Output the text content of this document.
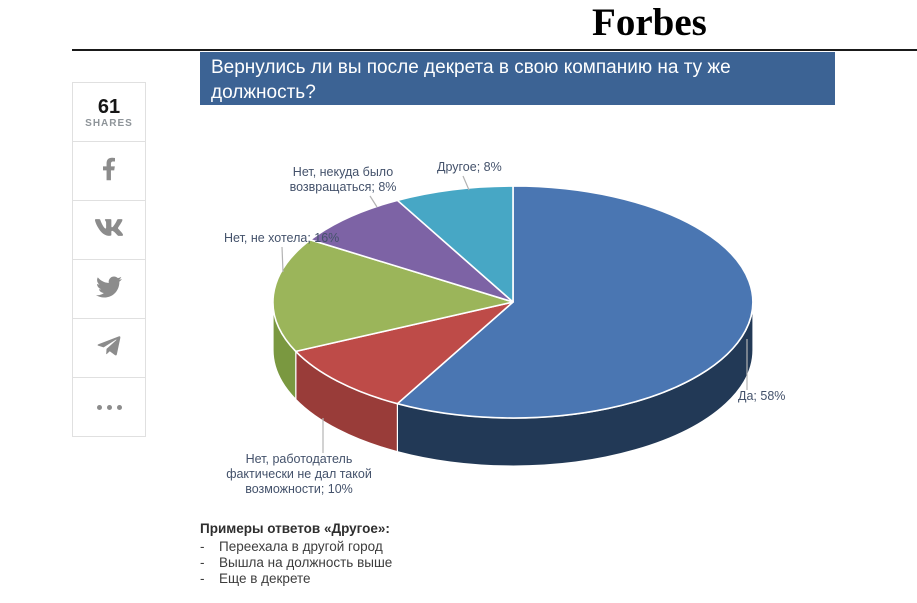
Forbes
Вернулись ли вы после декрета в свою компанию на ту же должность?
61
SHARES
Другое; 8%
Нет, некуда было возвращаться; 8%
Нет, не хотела; 16%
Нет, работодатель фактически не дал такой возможности; 10%
Да; 58%
Примеры ответов «Другое»:
-	Переехала в другой город
-	Вышла на должность выше
-	Еще в декрете
